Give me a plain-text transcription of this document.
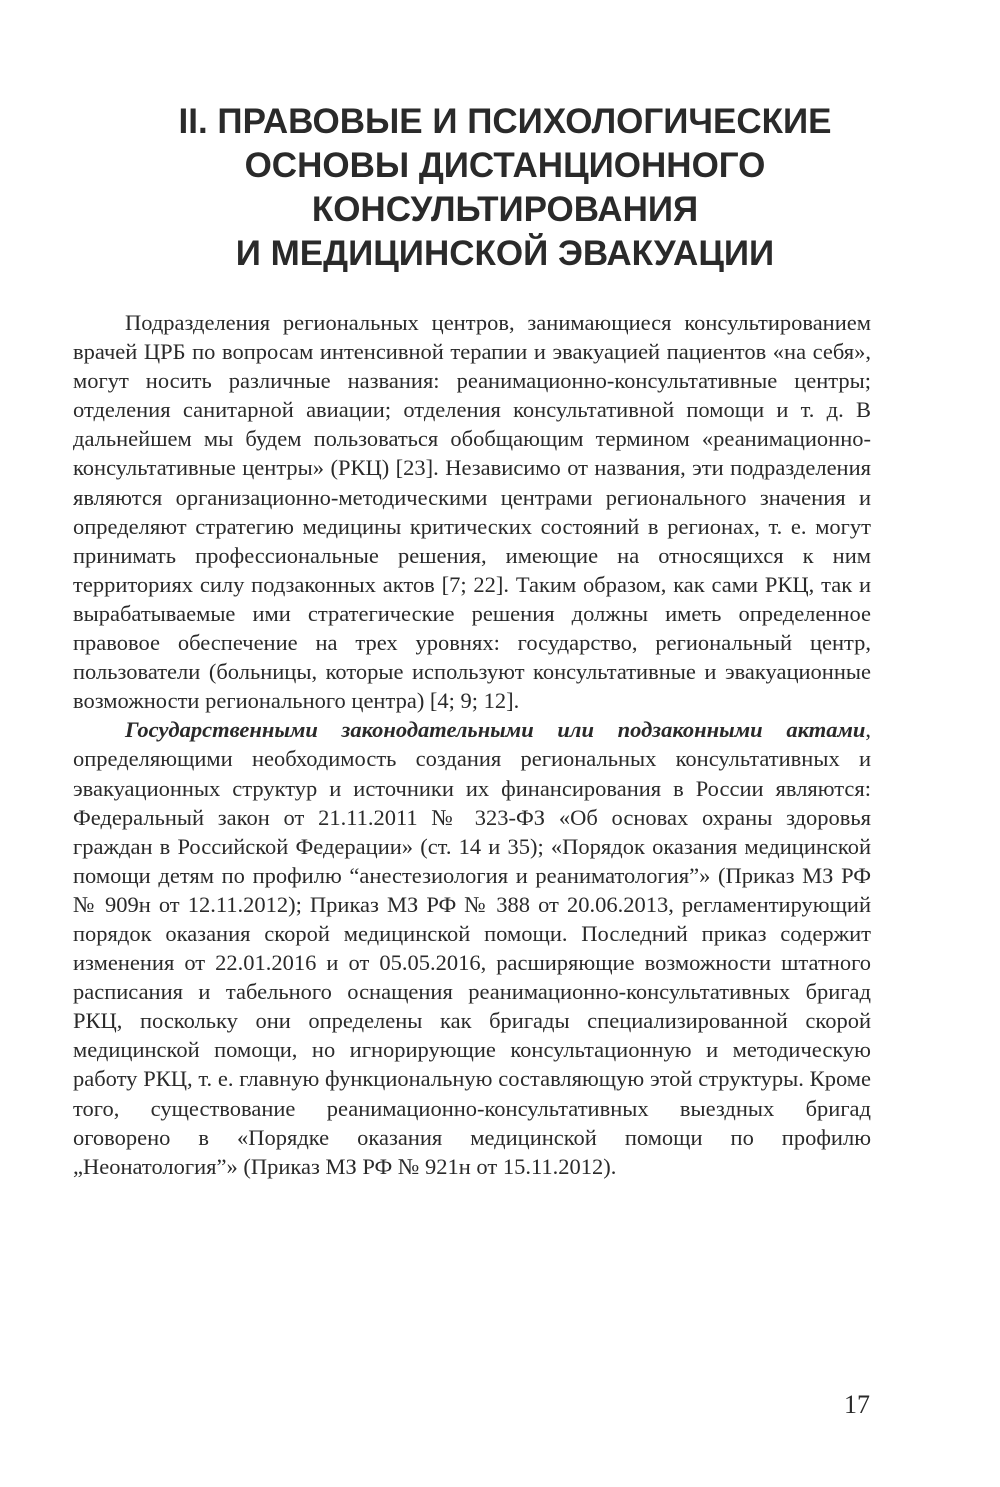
II. ПРАВОВЫЕ И ПСИХОЛОГИЧЕСКИЕ
ОСНОВЫ ДИСТАНЦИОННОГО
КОНСУЛЬТИРОВАНИЯ
И МЕДИЦИНСКОЙ ЭВАКУАЦИИ

Подразделения региональных центров, занимающиеся консультированием врачей ЦРБ по вопросам интенсивной терапии и эвакуацией пациентов «на себя», могут носить различные названия: реанимационно-консультативные центры; отделения санитарной авиации; отделения консультативной помощи и т. д. В дальнейшем мы будем пользоваться обобщающим термином «реанимационно-консультативные центры» (РКЦ) [23]. Независимо от названия, эти подразделения являются организационно-методическими центрами регионального значения и определяют стратегию медицины критических состояний в регионах, т. е. могут принимать профессиональные решения, имеющие на относящихся к ним территориях силу подзаконных актов [7; 22]. Таким образом, как сами РКЦ, так и вырабатываемые ими стратегические решения должны иметь определенное правовое обеспечение на трех уровнях: государство, региональный центр, пользователи (больницы, которые используют консультативные и эвакуационные возможности регионального центра) [4; 9; 12].

Государственными законодательными или подзаконными актами, определяющими необходимость создания региональных консультативных и эвакуационных структур и источники их финансирования в России являются: Федеральный закон от 21.11.2011 № 323-ФЗ «Об основах охраны здоровья граждан в Российской Федерации» (ст. 14 и 35); «Порядок оказания медицинской помощи детям по профилю “анестезиология и реаниматология”» (Приказ МЗ РФ № 909н от 12.11.2012); Приказ МЗ РФ № 388 от 20.06.2013, регламентирующий порядок оказания скорой медицинской помощи. Последний приказ содержит изменения от 22.01.2016 и от 05.05.2016, расширяющие возможности штатного расписания и табельного оснащения реанимационно-консультативных бригад РКЦ, поскольку они определены как бригады специализированной скорой медицинской помощи, но игнорирующие консультационную и методическую работу РКЦ, т. е. главную функциональную составляющую этой структуры. Кроме того, существование реанимационно-консультативных выездных бригад оговорено в «Порядке оказания медицинской помощи по профилю „Неонатология”» (Приказ МЗ РФ № 921н от 15.11.2012).

17
